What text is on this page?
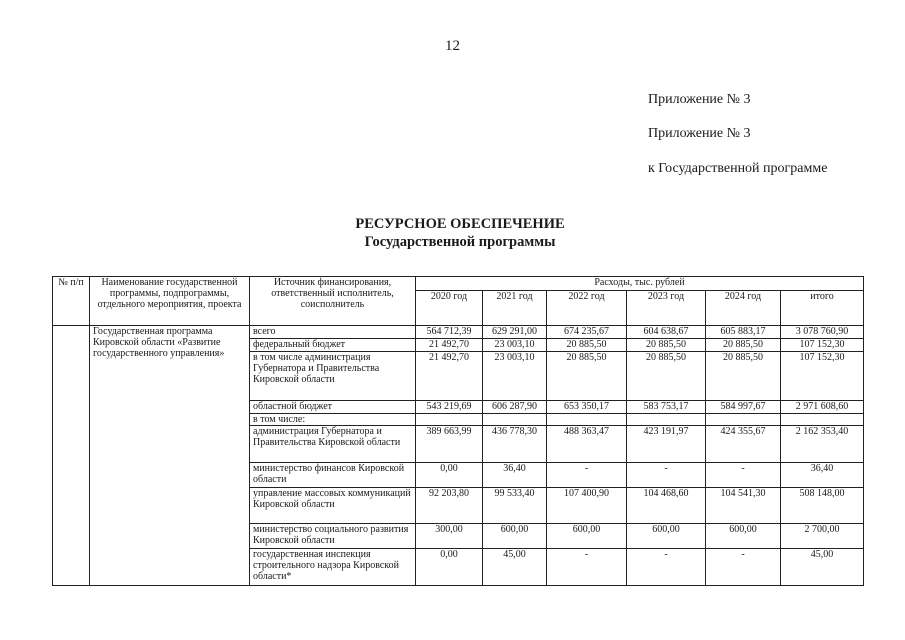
12
Приложение № 3
Приложение № 3
к Государственной программе
РЕСУРСНОЕ ОБЕСПЕЧЕНИЕ
Государственной программы
№ п/п	Наименование государственной программы, подпрограммы, отдельного мероприятия, проекта	Источник финансирования, ответственный исполнитель, соисполнитель	Расходы, тыс. рублей					
			2020 год	2021 год	2022 год	2023 год	2024 год	итого
	Государственная программа Кировской области «Развитие государственного управления»	всего	564 712,39	629 291,00	674 235,67	604 638,67	605 883,17	3 078 760,90
		федеральный бюджет	21 492,70	23 003,10	20 885,50	20 885,50	20 885,50	107 152,30
		в том числе администрация Губернатора и Правительства Кировской области	21 492,70	23 003,10	20 885,50	20 885,50	20 885,50	107 152,30
		областной бюджет	543 219,69	606 287,90	653 350,17	583 753,17	584 997,67	2 971 608,60
		в том числе:						
		администрация Губернатора и Правительства Кировской области	389 663,99	436 778,30	488 363,47	423 191,97	424 355,67	2 162 353,40
		министерство финансов Кировской области	0,00	36,40	-	-	-	36,40
		управление массовых коммуникаций Кировской области	92 203,80	99 533,40	107 400,90	104 468,60	104 541,30	508 148,00
		министерство социального развития Кировской области	300,00	600,00	600,00	600,00	600,00	2 700,00
		государственная инспекция строительного надзора Кировской области*	0,00	45,00	-	-	-	45,00
